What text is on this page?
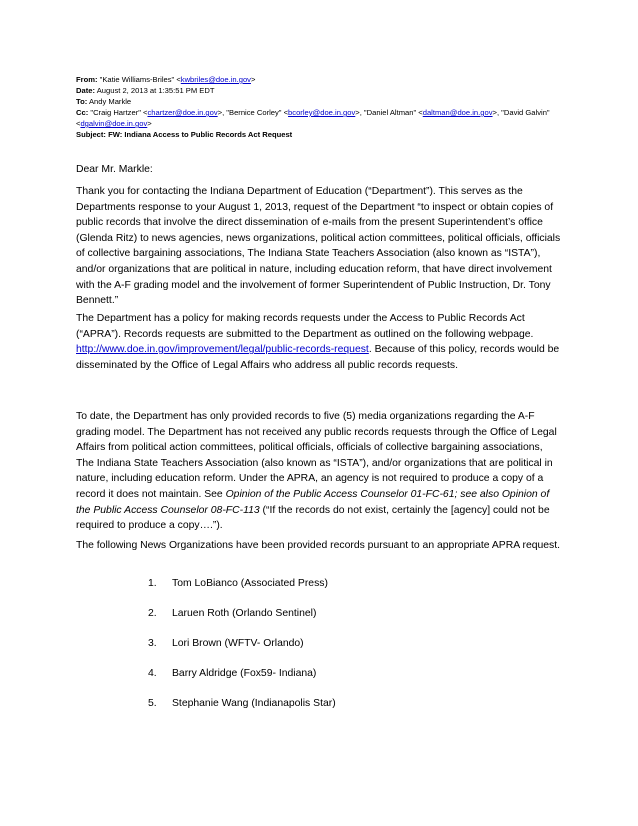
From: "Katie Williams-Briles" <kwbriles@doe.in.gov>
Date: August 2, 2013 at 1:35:51 PM EDT
To: Andy Markle
Cc: "Craig Hartzer" <chartzer@doe.in.gov>, "Bernice Corley" <bcorley@doe.in.gov>, "Daniel Altman" <daltman@doe.in.gov>, "David Galvin" <dgalvin@doe.in.gov>
Subject: FW: Indiana Access to Public Records Act Request

Dear Mr. Markle:

Thank you for contacting the Indiana Department of Education (“Department”). This serves as the Departments response to your August 1, 2013, request of the Department “to inspect or obtain copies of public records that involve the direct dissemination of e-mails from the present Superintendent’s office (Glenda Ritz) to news agencies, news organizations, political action committees, political officials, officials of collective bargaining associations, The Indiana State Teachers Association (also known as “ISTA”), and/or organizations that are political in nature, including education reform, that have direct involvement with the A-F grading model and the involvement of former Superintendent of Public Instruction, Dr. Tony Bennett.”

The Department has a policy for making records requests under the Access to Public Records Act (“APRA”). Records requests are submitted to the Department as outlined on the following webpage. http://www.doe.in.gov/improvement/legal/public-records-request. Because of this policy, records would be disseminated by the Office of Legal Affairs who address all public records requests.

To date, the Department has only provided records to five (5) media organizations regarding the A-F grading model. The Department has not received any public records requests through the Office of Legal Affairs from political action committees, political officials, officials of collective bargaining associations, The Indiana State Teachers Association (also known as “ISTA”), and/or organizations that are political in nature, including education reform. Under the APRA, an agency is not required to produce a copy of a record it does not maintain. See Opinion of the Public Access Counselor 01-FC-61; see also Opinion of the Public Access Counselor 08-FC-113 (“If the records do not exist, certainly the [agency] could not be required to produce a copy….”).

The following News Organizations have been provided records pursuant to an appropriate APRA request.

1.	Tom LoBianco (Associated Press)
2.	Laruen Roth (Orlando Sentinel)
3.	Lori Brown (WFTV- Orlando)
4.	Barry Aldridge (Fox59- Indiana)
5.	Stephanie Wang (Indianapolis Star)
